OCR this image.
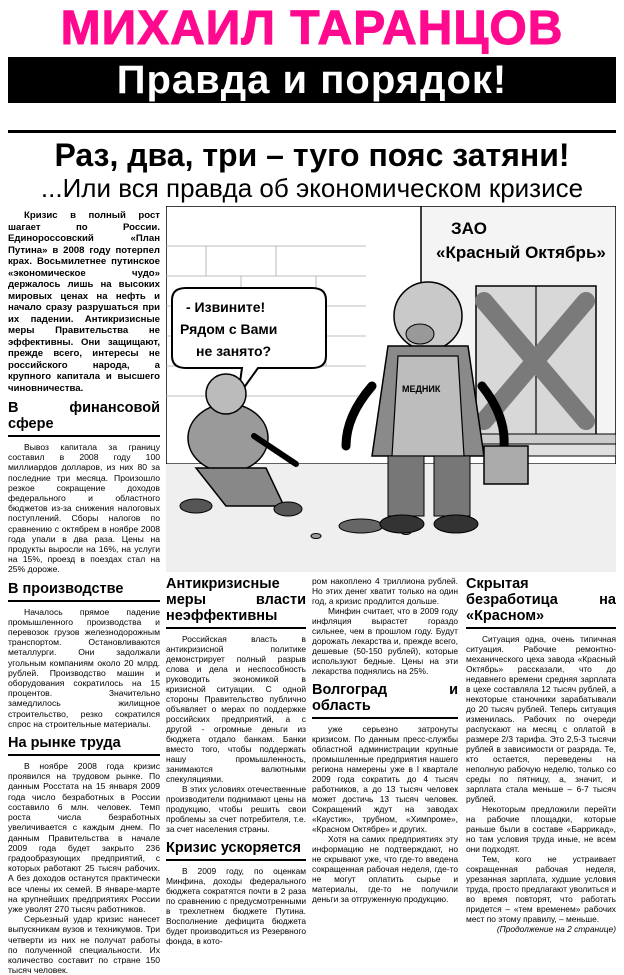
МИХАИЛ ТАРАНЦОВ
Правда и порядок!
Раз, два, три – туго пояс затяни!
...Или вся правда об экономическом кризисе

Кризис в полный рост шагает по России. Единороссовский «План Путина» в 2008 году потерпел крах. Восьмилетнее путинское «экономическое чудо» держалось лишь на высоких мировых ценах на нефть и начало сразу разрушаться при их падении. Антикризисные меры Правительства не эффективны. Они защищают, прежде всего, интересы не российского народа, а крупного капитала и высшего чиновничества.

В финансовой сфере

Вывоз капитала за границу составил в 2008 году 100 миллиардов долларов, из них 80 за последние три месяца. Произошло резкое сокращение доходов федерального и областного бюджетов из-за снижения налоговых поступлений. Сборы налогов по сравнению с октябрем в ноябре 2008 года упали в два раза. Цены на продукты выросли на 16%, на услуги на 15%, проезд в поездах стал на 25% дороже.

В производстве

Началось прямое падение промышленного производства и перевозок грузов железнодорожным транспортом. Остановливаются металлурги. Они задолжали угольным компаниям около 20 млрд. рублей. Производство машин и оборудования сократилось на 15 процентов. Значительно замедлилось жилищное строительство, резко сократился спрос на строительные материалы.

На рынке труда

В ноябре 2008 года кризис проявился на трудовом рынке. По данным Росстата на 15 января 2009 года число безработных в России составило 6 млн. человек. Темп роста числа безработных увеличивается с каждым днем. По данным Правительства в начале 2009 года будет закрыто 236 градообразующих предприятий, с которых работают 25 тысяч рабочих. А без доходов останутся практически все члены их семей. В январе-марте на крупнейших предприятиях России уже уволят 270 тысяч работников.

Серьезный удар кризис нанесет выпускникам вузов и техникумов. Три четверти из них не получат работы по полученной специальности. Их количество составит по стране 150 тысяч человек.

ЗАО
«Красный Октябрь»
- Извините!
Рядом с Вами
не занято?
МЕДНИК
Антикризисные меры власти неэффективны

Российская власть в антикризисной политике демонстрирует полный разрыв слова и дела и неспособность руководить экономикой в кризисной ситуации. С одной стороны Правительство публично объявляет о мерах по поддержке российских предприятий, а с другой - огромные деньги из бюджета отдало банкам. Банки вместо того, чтобы поддержать нашу промышленность, занимаются валютными спекуляциями.

В этих условиях отечественные производители поднимают цены на продукцию, чтобы решить свои проблемы за счет потребителя, т.е. за счет населения страны.

Кризис ускоряется

В 2009 году, по оценкам Минфина, доходы федерального бюджета сократятся почти в 2 раза по сравнению с предусмотренными в трехлетнем бюджете Путина. Восполнение дефицита бюджета будет производиться из Резервного фонда, в кото-

ром накоплено 4 триллиона рублей. Но этих денег хватит только на один год, а кризис продлится дольше.

Минфин считает, что в 2009 году инфляция вырастет гораздо сильнее, чем в прошлом году. Будут дорожать лекарства и, прежде всего, дешевые (50-150 рублей), которые используют бедные. Цены на эти лекарства поднялись на 25%.

Волгоград и область

уже серьезно затронуты кризисом. По данным пресс-службы областной администрации крупные промышленные предприятия нашего региона намерены уже в I квартале 2009 года сократить до 4 тысяч работников, а до 13 тысяч человек может достичь 13 тысяч человек. Сокращений ждут на заводах «Каустик», трубном, «Химпроме», «Красном Октябре» и других.

Хотя на самих предприятиях эту информацию не подтверждают, но не скрывают уже, что где-то введена сокращенная рабочая неделя, где-то не могут оплатить сырье и материалы, где-то не получили деньги за отгруженную продукцию.

Скрытая безработица на «Красном»

Ситуация одна, очень типичная ситуация. Рабочие ремонтно-механического цеха завода «Красный Октябрь» рассказали, что до недавнего времени средняя зарплата в цехе составляла 12 тысяч рублей, а некоторые станочники зарабатывали до 20 тысяч рублей. Теперь ситуация изменилась. Рабочих по очереди распускают на месяц с оплатой в размере 2/3 тарифа. Это 2,5-3 тысячи рублей в зависимости от разряда. Те, кто остается, переведены на неполную рабочую неделю, только со среды по пятницу, а, значит, и зарплата стала меньше – 6-7 тысяч рублей.

Некоторым предложили перейти на рабочие площадки, которые раньше были в составе «Баррикад», но там условия труда иные, не всем они подходят.

Тем, кого не устраивает сокращенная рабочая неделя, урезанная зарплата, худшие условия труда, просто предлагают уволиться и во время повторят, что работать придется – «тем временем» рабочих мест по этому правилу, – меньше.

(Продолжение на 2 странице)
